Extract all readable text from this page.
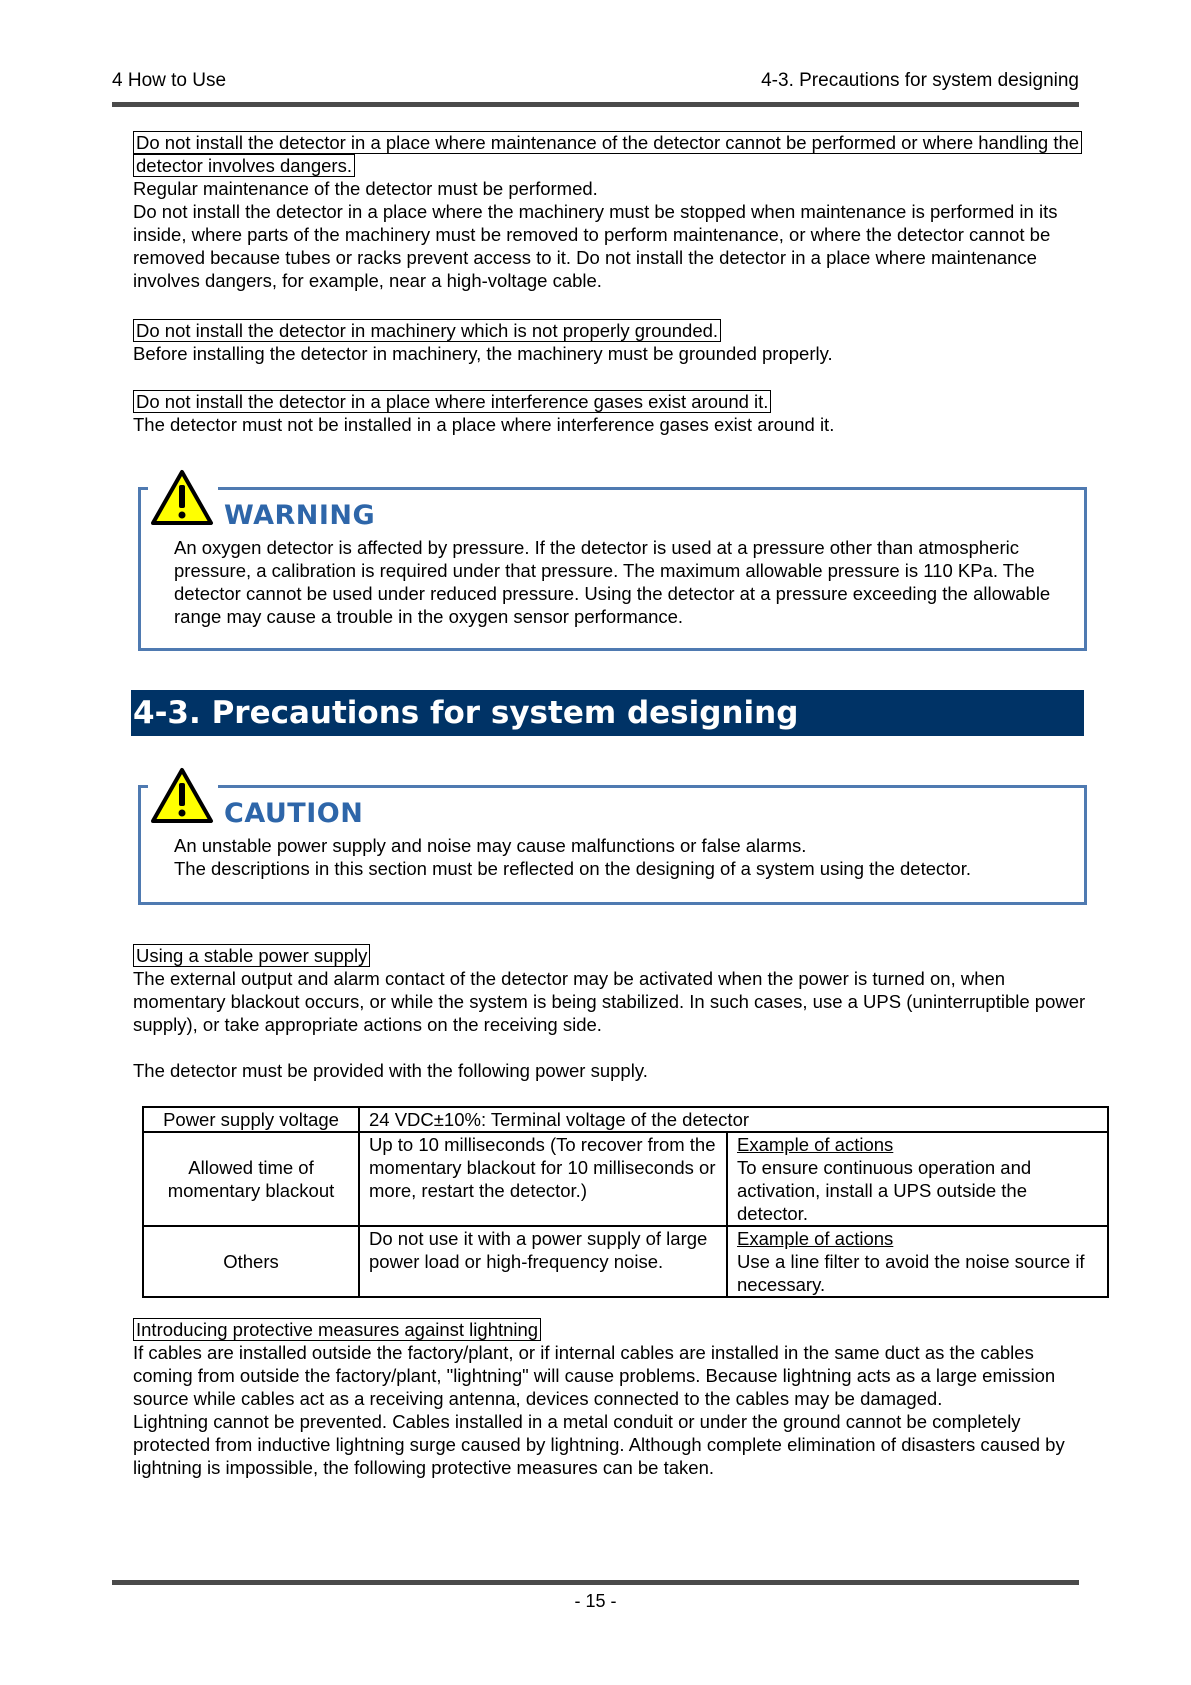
4 How to Use	4-3. Precautions for system designing

Do not install the detector in a place where maintenance of the detector cannot be performed or where handling the detector involves dangers.

Regular maintenance of the detector must be performed.

Do not install the detector in a place where the machinery must be stopped when maintenance is performed in its inside, where parts of the machinery must be removed to perform maintenance, or where the detector cannot be removed because tubes or racks prevent access to it. Do not install the detector in a place where maintenance involves dangers, for example, near a high-voltage cable.

Do not install the detector in machinery which is not properly grounded.

Before installing the detector in machinery, the machinery must be grounded properly.

Do not install the detector in a place where interference gases exist around it.

The detector must not be installed in a place where interference gases exist around it.

WARNING

An oxygen detector is affected by pressure. If the detector is used at a pressure other than atmospheric pressure, a calibration is required under that pressure. The maximum allowable pressure is 110 KPa. The detector cannot be used under reduced pressure. Using the detector at a pressure exceeding the allowable range may cause a trouble in the oxygen sensor performance.

4-3. Precautions for system designing
CAUTION

An unstable power supply and noise may cause malfunctions or false alarms.

The descriptions in this section must be reflected on the designing of a system using the detector.

Using a stable power supply

The external output and alarm contact of the detector may be activated when the power is turned on, when momentary blackout occurs, or while the system is being stabilized. In such cases, use a UPS (uninterruptible power supply), or take appropriate actions on the receiving side.

The detector must be provided with the following power supply.

Power supply voltage	24 VDC±10%: Terminal voltage of the detector	
Allowed time of momentary blackout	Up to 10 milliseconds (To recover from the momentary blackout for 10 milliseconds or more, restart the detector.)	Example of actions
To ensure continuous operation and activation, install a UPS outside the detector.
Others	Do not use it with a power supply of large power load or high-frequency noise.	Example of actions
Use a line filter to avoid the noise source if necessary.

Introducing protective measures against lightning

If cables are installed outside the factory/plant, or if internal cables are installed in the same duct as the cables coming from outside the factory/plant, "lightning" will cause problems. Because lightning acts as a large emission source while cables act as a receiving antenna, devices connected to the cables may be damaged.

Lightning cannot be prevented. Cables installed in a metal conduit or under the ground cannot be completely protected from inductive lightning surge caused by lightning. Although complete elimination of disasters caused by lightning is impossible, the following protective measures can be taken.

- 15 -
